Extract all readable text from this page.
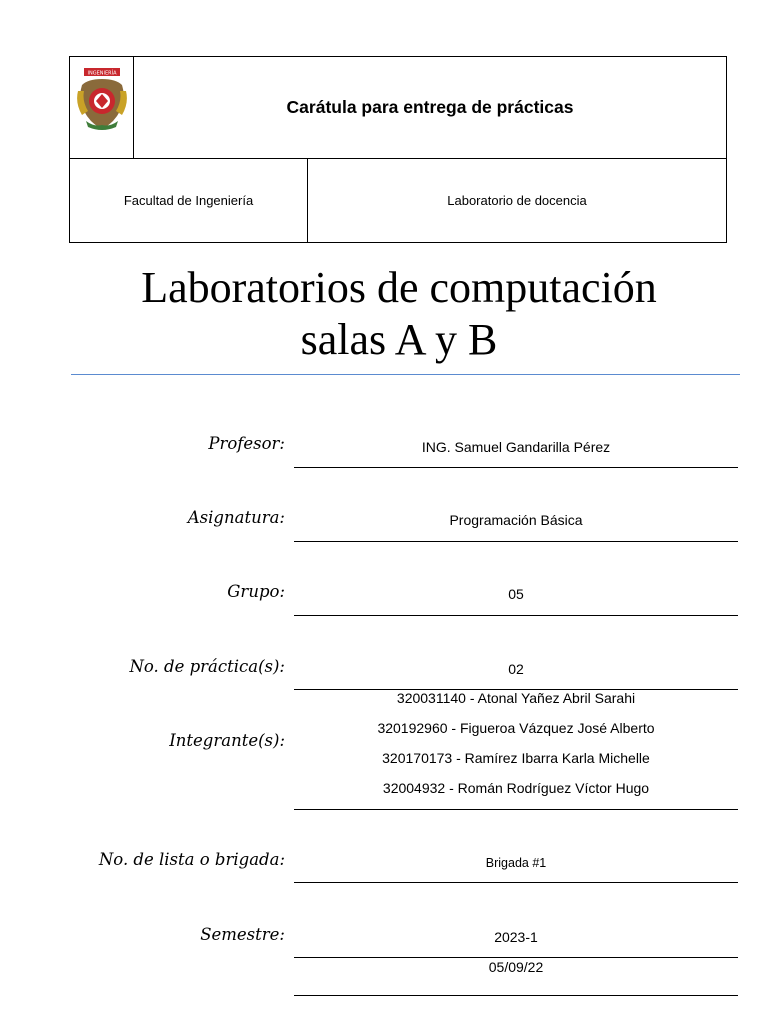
INGENIERÍA
Carátula para entrega de prácticas
Facultad de Ingeniería	Laboratorio de docencia
Laboratorios de computación
salas A y B
Profesor:	ING. Samuel Gandarilla Pérez
Asignatura:	Programación Básica
Grupo:	05
No. de práctica(s):	02
Integrante(s):
320031140 - Atonal Yañez Abril Sarahi
320192960 - Figueroa Vázquez José Alberto
320170173 - Ramírez Ibarra Karla Michelle
32004932 - Román Rodríguez Víctor Hugo
No. de lista o brigada:	Brigada #1
Semestre:	2023-1
05/09/22
